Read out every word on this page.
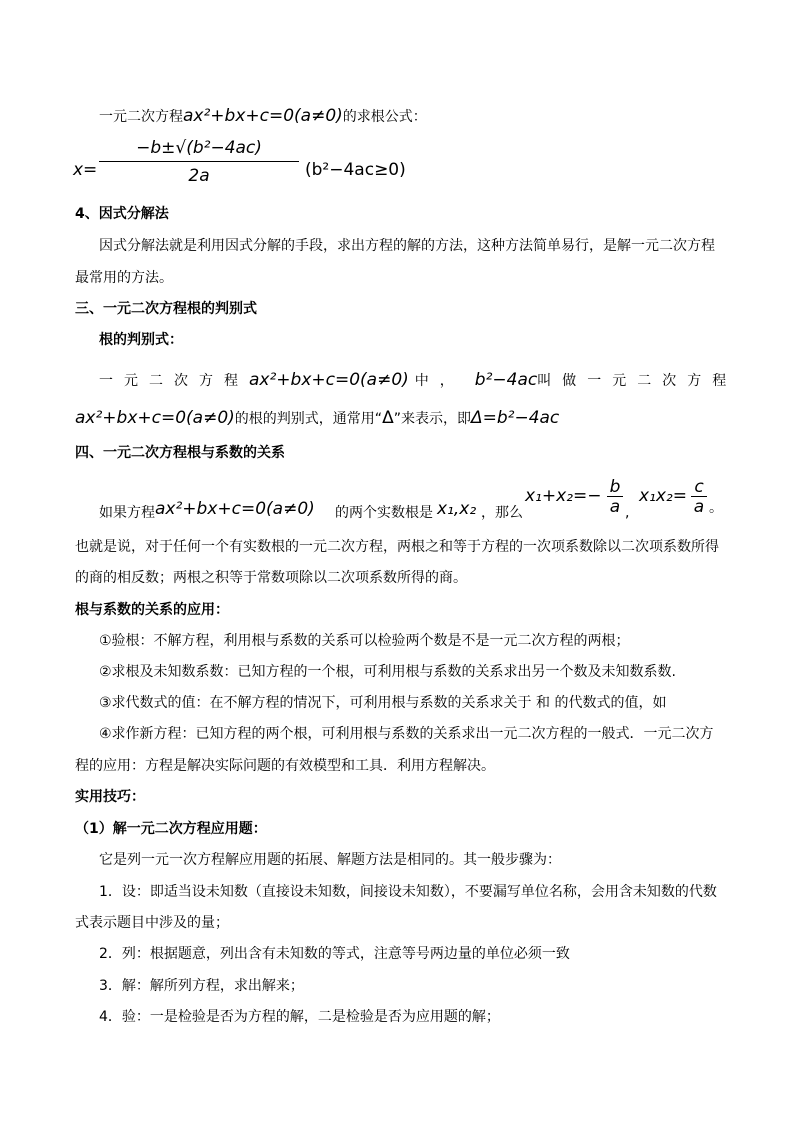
一元二次方程ax²+bx+c=0(a≠0)的求根公式：
$x= \frac{\text{−b±√(b²−4ac)}}{2a} (b^2-4ac\ge 0)$
4、因式分解法
因式分解法就是利用因式分解的手段，求出方程的解的方法，这种方法简单易行，是解一元二次方程
最常用的方法。
三、一元二次方程根的判别式
根的判别式：
一元二次方程ax²+bx+c=0(a≠0) 中， b²−4ac叫做一元二次方程
ax²+bx+c=0(a≠0)的根的判别式，通常用“Δ”来表示，即Δ=b²−4ac
四、一元二次方程根与系数的关系
如果方程 ax²+bx+c=0(a≠0) 的两个实数根是 x₁,x₂ ，那么
$x_1+x_2=- \frac{b}{a}$ ,
$x_1x_2= \frac{c}{a}$ 。
也就是说，对于任何一个有实数根的一元二次方程，两根之和等于方程的一次项系数除以二次项系数所得
的商的相反数；两根之积等于常数项除以二次项系数所得的商。
根与系数的关系的应用：
①验根：不解方程，利用根与系数的关系可以检验两个数是不是一元二次方程的两根；
②求根及未知数系数：已知方程的一个根，可利用根与系数的关系求出另一个数及未知数系数.
③求代数式的值：在不解方程的情况下，可利用根与系数的关系求关于 和 的代数式的值，如
④求作新方程：已知方程的两个根，可利用根与系数的关系求出一元二次方程的一般式．一元二次方
程的应用：方程是解决实际问题的有效模型和工具．利用方程解决。
实用技巧：
（1）解一元二次方程应用题：
它是列一元一次方程解应用题的拓展、解题方法是相同的。其一般步骤为：
1．设：即适当设未知数（直接设未知数，间接设未知数），不要漏写单位名称，会用含未知数的代数
式表示题目中涉及的量；
2．列：根据题意，列出含有未知数的等式，注意等号两边量的单位必须一致
3．解：解所列方程，求出解来；
4．验：一是检验是否为方程的解，二是检验是否为应用题的解；
